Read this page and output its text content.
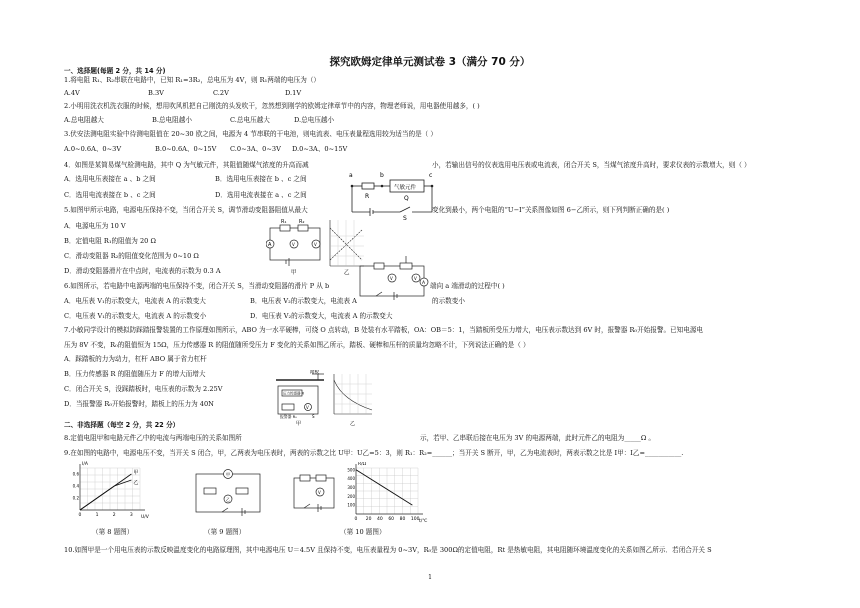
探究欧姆定律单元测试卷 3（满分 70 分）
一、选择题(每题 2 分，共 14 分)
1.将电阻 R₁、R₂串联在电路中，已知 R₁=3R₂，总电压为 4V，则 R₁两端的电压为（）
A.4V	B.3V	C.2V	D.1V
2.小明用洗衣机洗衣服的时候，想用吹风机把自己刚洗的头发吹干，忽然想到刚学的欧姆定律章节中的内容，物理老师说，用电器使用越多，( )
A.总电阻越大	B.总电阻越小	C.总电压越大	D.总电压越小
3.伏安法测电阻实验中待测电阻值在 20~30 欧之间，电源为 4 节串联的干电池，则电流表、电压表量程选用较为适当的是（ ）
A.0~0.6A、0~3V	B.0~0.6A、0~15V C.0~3A、0~3V D.0~3A、0~15V
4．如图是某简易煤气检测电路，其中 Q 为气敏元件，其阻值随煤气浓度的升高而减	小，若输出信号的仪表选用电压表或电流表，闭合开关 S，当煤气浓度升高时，要求仪表的示数增大，则（ ）
A．选用电压表接在 a 、b 之间	B．选用电压表接在 b 、c 之间
C．选用电流表接在 b 、c 之间	D．选用电流表接在 a 、c 之间
a	b	c
气敏元件
Q
R
S
5.如图甲所示电路，电源电压保持不变，当闭合开关 S，调节滑动变阻器阻值从最大	变化到最小，两个电阻的“U−I”关系图像如图 6−乙所示，则下列判断正确的是( )
A．电源电压为 10 V
B．定值电阻 R₁的阻值为 20 Ω
C．滑动变阻器 R₂的阻值变化范围为 0~10 Ω
D．滑动变阻器滑片在中点时，电流表的示数为 0.3 A
A	V	V
R₁	R₂
甲	乙
6.如图所示，若电路中电源两端的电压保持不变，闭合开关 S，当滑动变阻器的滑片 P 从 b	端向 a 端滑动的过程中( )
A．电压表 V₁的示数变大，电流表 A 的示数变大	B．电压表 V₂的示数变大，电流表 A	的示数变小
C．电压表 V₁的示数变大，电流表 A 的示数变小	D．电压表 V₂的示数变大，电流表 A 的示数变大
V	V
A
7.小敏同学设计的模拟防踩踏报警装置的工作原理如图所示，ABO 为一水平硬棒，可绕 O 点转动，B 处装有水平踏板，OA：OB＝5：1，当踏板所受压力增大，电压表示数达到 6V 时，报警器 R₀开始报警。已知电源电
压为 8V 不变，R₀的阻值恒为 15Ω，压力传感器 R 的阻值随所受压力 F 变化的关系如图乙所示，踏板、硬棒和压杆的质量均忽略不计，下列说法正确的是（ ）
A．踩踏板的力为动力，杠杆 ABO 属于省力杠杆
B．压力传感器 R 的阻值随压力 F 的增大而增大
C．闭合开关 S，没踩踏板时，电压表的示数为 2.25V
D．当报警器 R₀开始报警时，踏板上的压力为 40N
踏板
压力传感器 R
报警器 R₀
V
S
甲	乙
二、非选择题（每空 2 分，共 22 分）
8.定值电阻甲和电路元件乙中的电流与两端电压的关系如图所	示，若甲、乙串联后接在电压为 3V 的电源两端，此时元件乙的电阻为_____Ω 。
9.在如图的电路中，电源电压不变，当开关 S 闭合，甲，乙两表为电压表时，两表的示数之比 U甲：U乙=5：3，则 R₁：R₂=______；当开关 S 断开，甲，乙为电流表时，两表示数之比是 I甲：I乙=___________.
I/A
U/V
0	1	2	3
0.6
0.4
0.2
甲
乙
甲
乙
V
R/Ω
t/℃
0 20 40 60 80 100
500
400
300
200
100
（第 8 题图）	（第 9 题图）	（第 10 题图）
10.如图甲是一个用电压表的示数反映温度变化的电路原理图，其中电源电压 U＝4.5V 且保持不变，电压表量程为 0~3V，R₀是 300Ω的定值电阻，Rt 是热敏电阻，其电阻随环境温度变化的关系如图乙所示．若闭合开关 S
1
